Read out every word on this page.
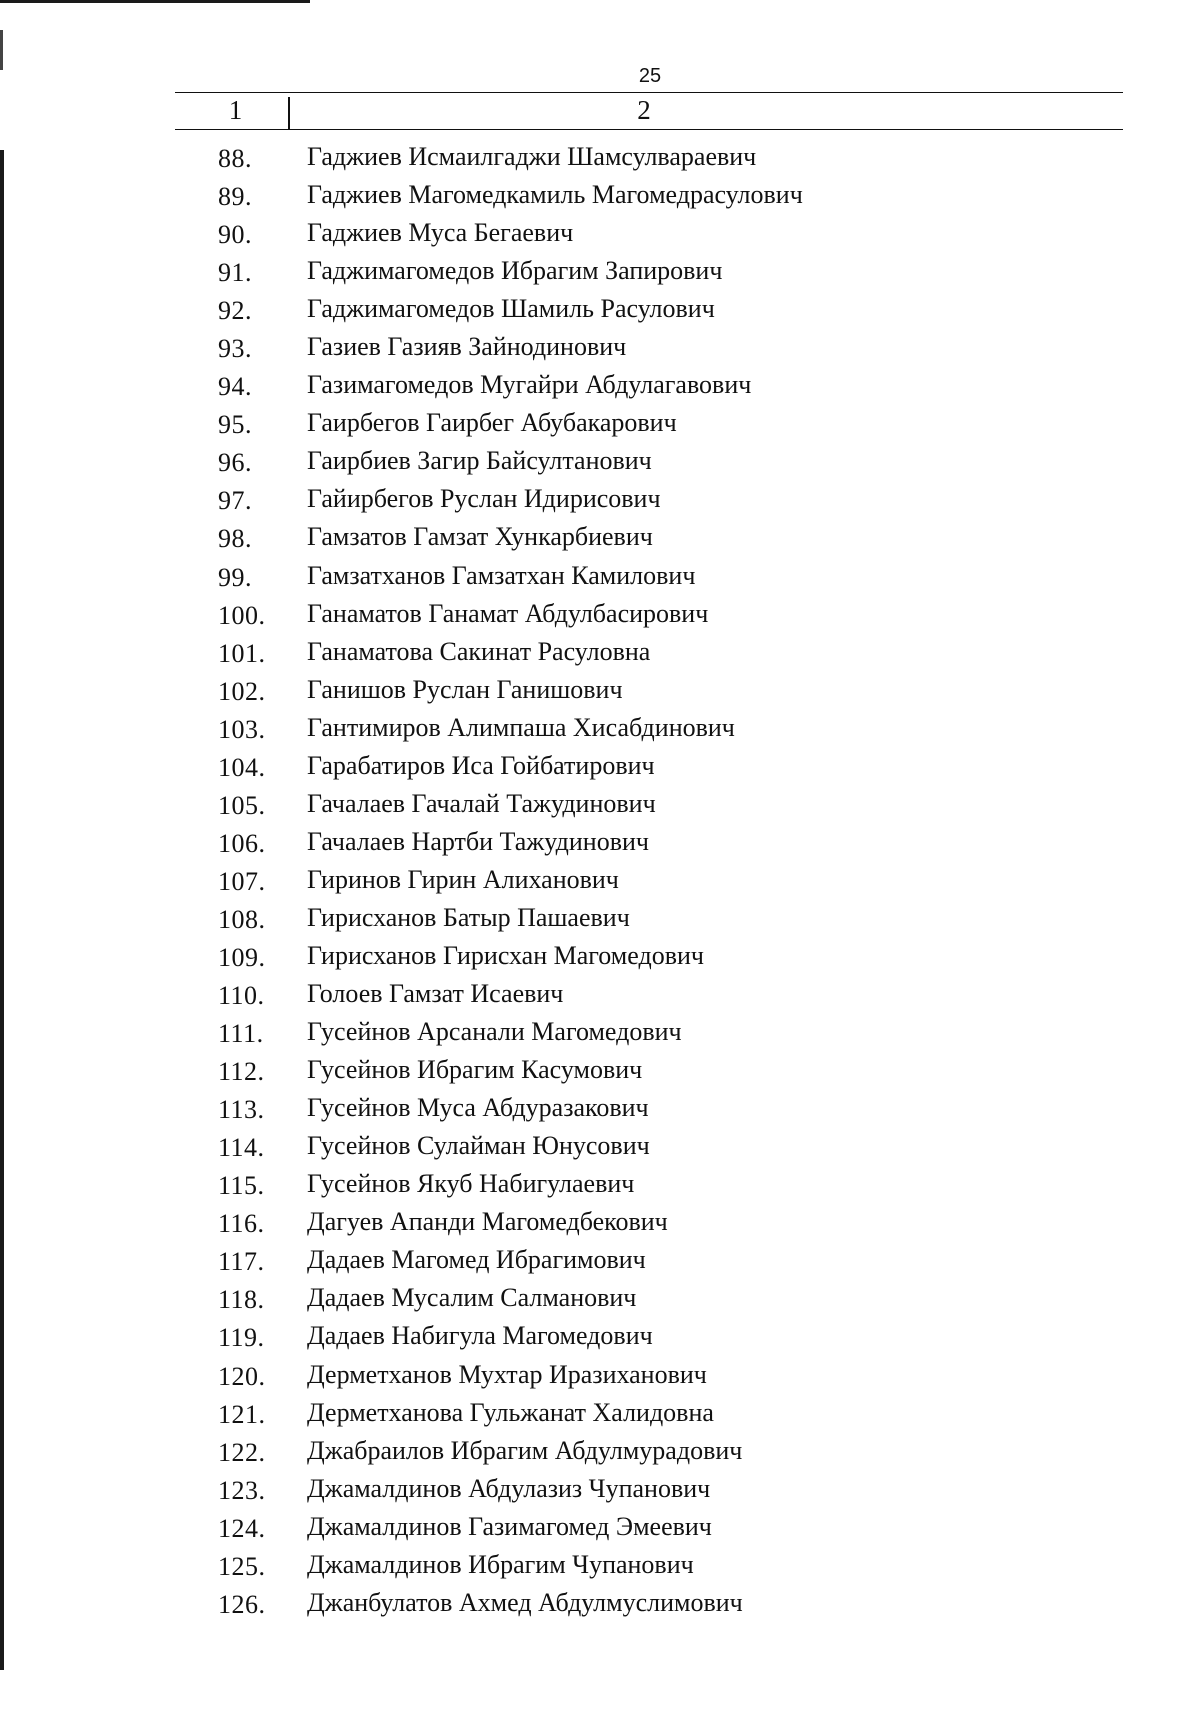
25
1	2
88.	Гаджиев Исмаилгаджи Шамсулвараевич
89.	Гаджиев Магомедкамиль Магомедрасулович
90.	Гаджиев Муса Бегаевич
91.	Гаджимагомедов Ибрагим Запирович
92.	Гаджимагомедов Шамиль Расулович
93.	Газиев Газияв Зайнодинович
94.	Газимагомедов Мугайри Абдулагавович
95.	Гаирбегов Гаирбег Абубакарович
96.	Гаирбиев Загир Байсултанович
97.	Гайирбегов Руслан Идирисович
98.	Гамзатов Гамзат Хункарбиевич
99.	Гамзатханов Гамзатхан Камилович
100.	Ганаматов Ганамат Абдулбасирович
101.	Ганаматова Сакинат Расуловна
102.	Ганишов Руслан Ганишович
103.	Гантимиров Алимпаша Хисабдинович
104.	Гарабатиров Иса Гойбатирович
105.	Гачалаев Гачалай Тажудинович
106.	Гачалаев Нартби Тажудинович
107.	Гиринов Гирин Алиханович
108.	Гирисханов Батыр Пашаевич
109.	Гирисханов Гирисхан Магомедович
110.	Голоев Гамзат Исаевич
111.	Гусейнов Арсанали Магомедович
112.	Гусейнов Ибрагим Касумович
113.	Гусейнов Муса Абдуразакович
114.	Гусейнов Сулайман Юнусович
115.	Гусейнов Якуб Набигулаевич
116.	Дагуев Апанди Магомедбекович
117.	Дадаев Магомед Ибрагимович
118.	Дадаев Мусалим Салманович
119.	Дадаев Набигула Магомедович
120.	Дерметханов Мухтар Иразиханович
121.	Дерметханова Гульжанат Халидовна
122.	Джабраилов Ибрагим Абдулмурадович
123.	Джамалдинов Абдулазиз Чупанович
124.	Джамалдинов Газимагомед Эмеевич
125.	Джамалдинов Ибрагим Чупанович
126.	Джанбулатов Ахмед Абдулмуслимович
